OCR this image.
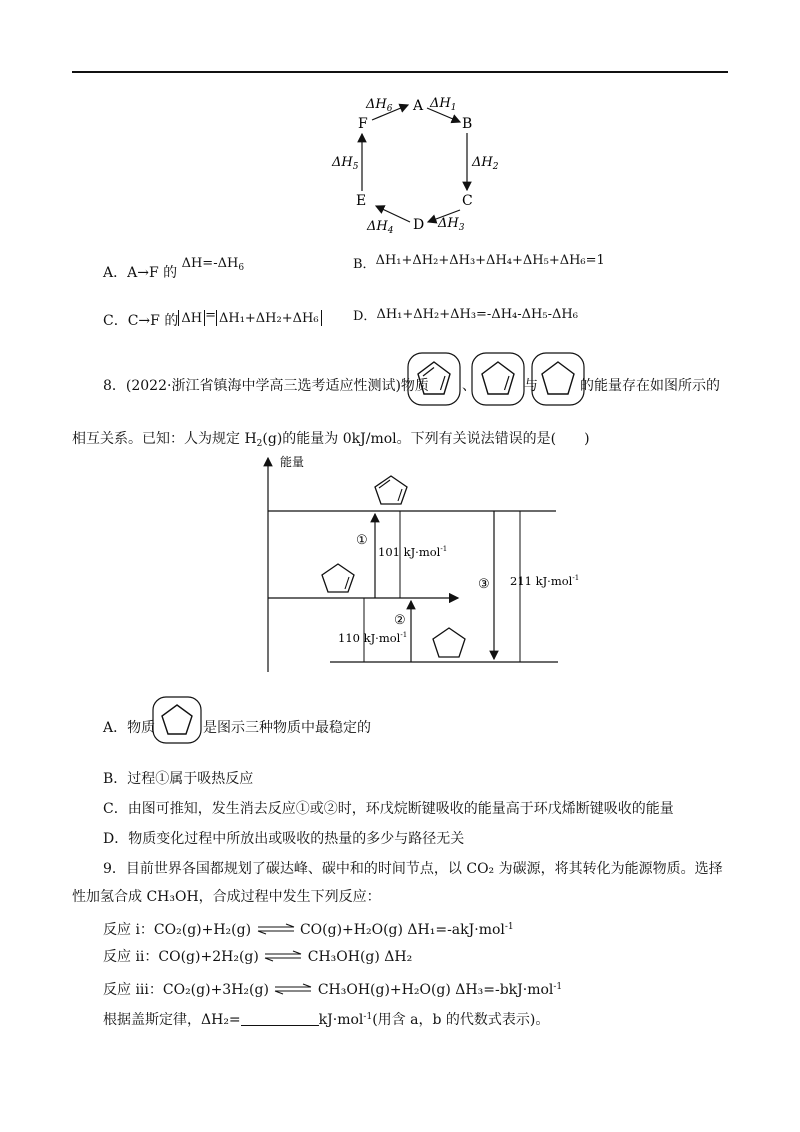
A
B
C
D
E
F
$\Delta H_1$
$\Delta H_2$
$\Delta H_3$
$\Delta H_4$
$\Delta H_5$
$\Delta H_6$
A．A→F 的 $\Delta H=-\Delta H_6$	B．ΔH₁+ΔH₂+ΔH₃+ΔH₄+ΔH₅+ΔH₆=1
C．C→F 的 ΔH = ΔH₁+ΔH₂+ΔH₆	D．ΔH₁+ΔH₂+ΔH₃=-ΔH₄-ΔH₅-ΔH₆
8．(2022·浙江省镇海中学高三选考适应性测试)物质 、	与	的能量存在如图所示的
相互关系。已知：人为规定 $H_2(g)$的能量为 0kJ/mol。下列有关说法错误的是(　　)
能量
①
101 kJ·mol$^{-1}$
②
110 kJ·mol$^{-1}$
③ 211 kJ·mol$^{-1}$
A．物质	是图示三种物质中最稳定的
B．过程①属于吸热反应
C．由图可推知，发生消去反应①或②时，环戊烷断键吸收的能量高于环戊烯断键吸收的能量
D．物质变化过程中所放出或吸收的热量的多少与路径无关
9．目前世界各国都规划了碳达峰、碳中和的时间节点，以 CO₂ 为碳源，将其转化为能源物质。选择
性加氢合成 CH₃OH，合成过程中发生下列反应：
反应 i：CO₂(g)+H₂(g) ⇌ CO(g)+H₂O(g) ΔH₁=-akJ·mol$^{-1}$
反应 ii：CO(g)+2H₂(g) ⇌ CH₃OH(g) ΔH₂
反应 iii：CO₂(g)+3H₂(g) ⇌ CH₃OH(g)+H₂O(g) ΔH₃=-bkJ·mol$^{-1}$
根据盖斯定律，ΔH₂=	kJ·mol$^{-1}$(用含 a，b 的代数式表示)。
